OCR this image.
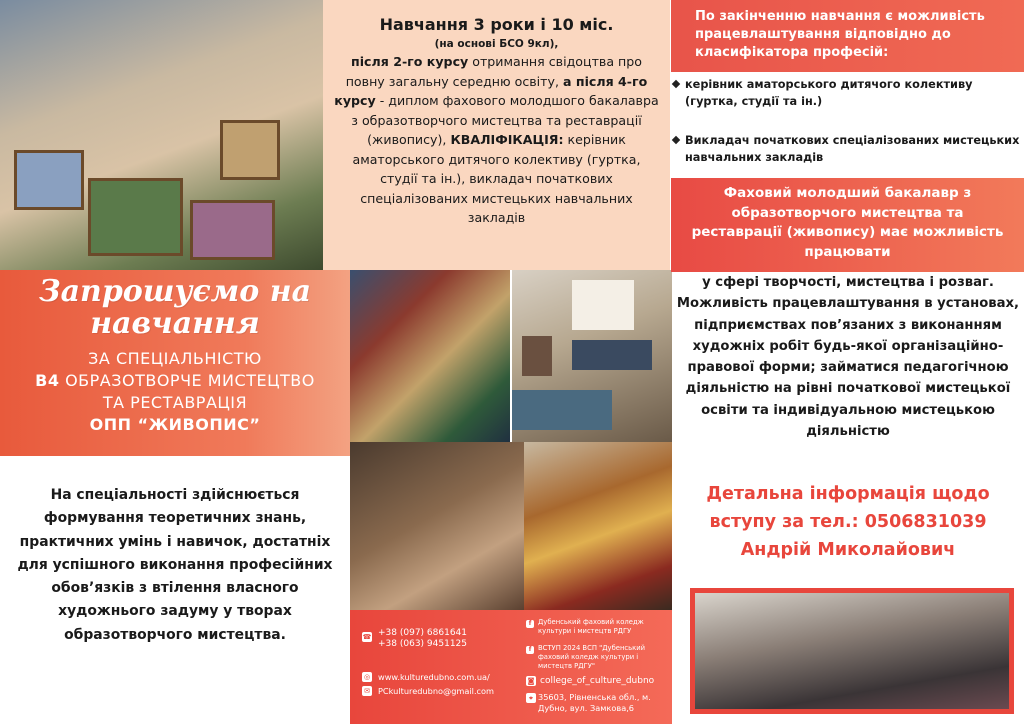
Навчання 3 роки і 10 міс.
(на основі БСО 9кл),
після 2-го курсу отримання свідоцтва про повну загальну середню освіту, а після 4-го курсу - диплом фахового молодшого бакалавра з образотворчого мистецтва та реставрації (живопису), КВАЛІФІКАЦІЯ: керівник аматорського дитячого колективу (гуртка, студії та ін.), викладач початкових спеціалізованих мистецьких навчальних закладів
По закінченню навчання є можливість працевлаштування відповідно до класифікатора професій:
керівник аматорського дитячого колективу (гуртка, студії та ін.)
Викладач початкових спеціалізованих мистецьких навчальних закладів
Фаховий молодший бакалавр з образотворчого мистецтва та реставрації (живопису) має можливість працювати
у сфері творчості, мистецтва і розваг. Можливість працевлаштування в установах, підприємствах пов’язаних з виконанням художніх робіт будь-якої організаційно-правової форми; займатися педагогічною діяльністю на рівні початкової мистецької освіти та індивідуальною мистецькою діяльністю
Запрошуємо на
навчання
ЗА СПЕЦІАЛЬНІСТЮ
В4 ОБРАЗОТВОРЧЕ МИСТЕЦТВО
ТА РЕСТАВРАЦІЯ
ОПП “ЖИВОПИС”
На спеціальності здійснюється формування теоретичних знань, практичних умінь і навичок, достатніх для успішного виконання професійних обов’язків з втілення власного художнього задуму у творах образотворчого мистецтва.	☎ +38 (097) 6861641
+38 (063) 9451125
◎ www.kulturedubno.com.ua/
✉ PCkulturedubno@gmail.com
f Дубенський фаховий коледж культури і мистецтв РДГУ
f ВСТУП 2024 ВСП "Дубенський фаховий коледж культури і мистецтв РДГУ"
◙ college_of_culture_dubno
⌖ 35603, Рівненська обл., м. Дубно, вул. Замкова,6
Детальна інформація щодо
вступу за тел.: 0506831039
Андрій Миколайович
